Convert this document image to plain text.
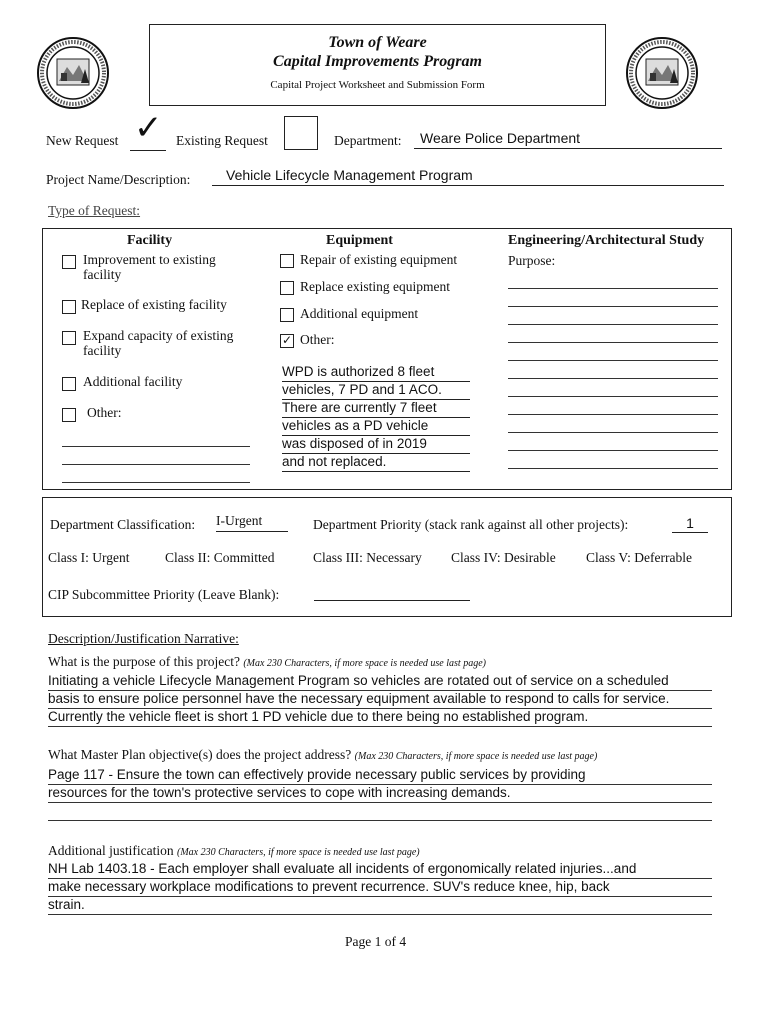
Town of Weare
Capital Improvements Program
Capital Project Worksheet and Submission Form
New Request ✓ Existing Request	Department:	Weare Police Department
Project Name/Description:	Vehicle Lifecycle Management Program
Type of Request:
Facility
Improvement to existing facility
Replace of existing facility
Expand capacity of existing facility
Additional facility
Other:
Equipment
Repair of existing equipment
Replace existing equipment
Additional equipment
✓ Other:
WPD is authorized 8 fleet
vehicles, 7 PD and 1 ACO.
There are currently 7 fleet
vehicles as a PD vehicle
was disposed of in 2019
and not replaced.
Engineering/Architectural Study
Purpose:
Department Classification: I-Urgent	Department Priority (stack rank against all other projects):	1
Class I: Urgent	Class II: Committed	Class III: Necessary Class IV: Desirable Class V: Deferrable
CIP Subcommittee Priority (Leave Blank):
Description/Justification Narrative:
What is the purpose of this project? (Max 230 Characters, if more space is needed use last page)
Initiating a vehicle Lifecycle Management Program so vehicles are rotated out of service on a scheduled
basis to ensure police personnel have the necessary equipment available to respond to calls for service.
Currently the vehicle fleet is short 1 PD vehicle due to there being no established program.
What Master Plan objective(s) does the project address? (Max 230 Characters, if more space is needed use last page)
Page 117 - Ensure the town can effectively provide necessary public services by providing
resources for the town's protective services to cope with increasing demands.
Additional justification (Max 230 Characters, if more space is needed use last page)
NH Lab 1403.18 - Each employer shall evaluate all incidents of ergonomically related injuries...and
make necessary workplace modifications to prevent recurrence. SUV's reduce knee, hip, back
strain.
Page 1 of 4
